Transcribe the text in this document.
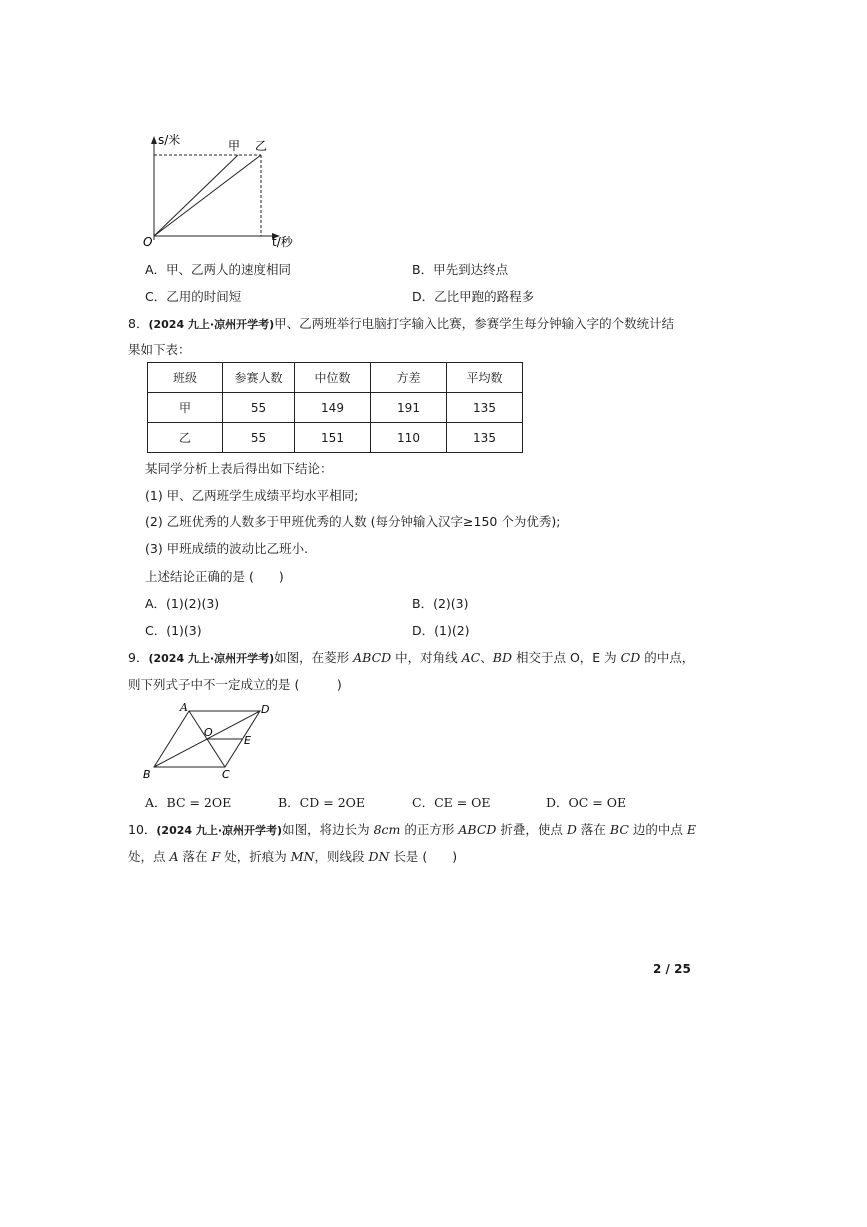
s/米
t/秒
O
甲 乙
A．甲、乙两人的速度相同	B．甲先到达终点
C．乙用的时间短	D．乙比甲跑的路程多
8．(2024 九上·凉州开学考)甲、乙两班举行电脑打字输入比赛，参赛学生每分钟输入字的个数统计结
果如下表：
班级	参赛人数	中位数	方差	平均数
甲	55	149	191	135
乙	55	151	110	135
某同学分析上表后得出如下结论：
(1) 甲、乙两班学生成绩平均水平相同;
(2) 乙班优秀的人数多于甲班优秀的人数 (每分钟输入汉字≥150 个为优秀);
(3) 甲班成绩的波动比乙班小.
上述结论正确的是 (　　)
A．(1)(2)(3)	B．(2)(3)
C．(1)(3)	D．(1)(2)
9．(2024 九上·凉州开学考)如图，在菱形 ABCD 中，对角线 AC、BD 相交于点 O，E 为 CD 的中点，
则下列式子中不一定成立的是 (　　　)
A	D
O
E
B	C
A．BC = 2OE	B．CD = 2OE	C．CE = OE	D．OC = OE
10．(2024 九上·凉州开学考)如图，将边长为 8cm 的正方形 ABCD 折叠，使点 D 落在 BC 边的中点 E
处，点 A 落在 F 处，折痕为 MN，则线段 DN 长是 (　　)
2 / 25
